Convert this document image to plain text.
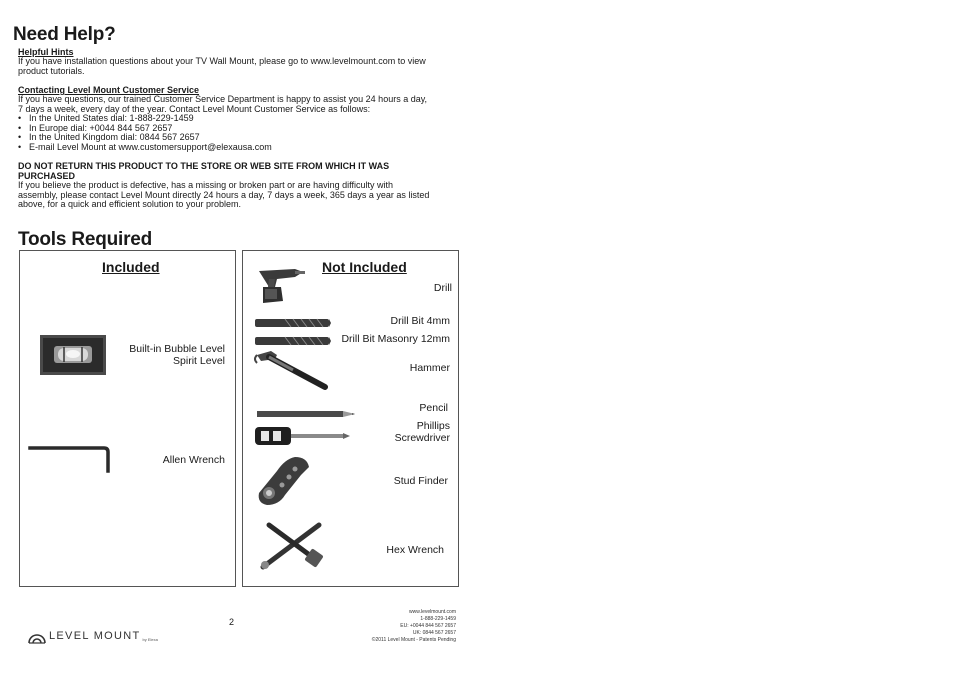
Need Help?
Helpful Hints
If you have installation questions about your TV Wall Mount, please go to www.levelmount.com to view
product tutorials.
Contacting Level Mount Customer Service
If you have questions, our trained Customer Service Department is happy to assist you 24 hours a day,
7 days a week, every day of the year. Contact Level Mount Customer Service as follows:
• In the United States dial: 1-888-229-1459
• In Europe dial: +0044 844 567 2657
• In the United Kingdom dial: 0844 567 2657
• E-mail Level Mount at www.customersupport@elexausa.com
DO NOT RETURN THIS PRODUCT TO THE STORE OR WEB SITE FROM WHICH IT WAS
PURCHASED
If you believe the product is defective, has a missing or broken part or are having difficulty with
assembly, please contact Level Mount directly 24 hours a day, 7 days a week, 365 days a year as listed
above, for a quick and efficient solution to your problem.
Tools Required
Included
Built-in Bubble Level
Spirit Level
Allen Wrench
Not Included
Drill
Drill Bit 4mm
Drill Bit Masonry 12mm
Hammer
Pencil
Phillips
Screwdriver
Stud Finder
Hex Wrench
2
LEVEL MOUNT by Elexa
www.levelmount.com
1-888-229-1459
EU: +0044 844 567 2657
UK: 0844 567 2657
©2011 Level Mount - Patents Pending
